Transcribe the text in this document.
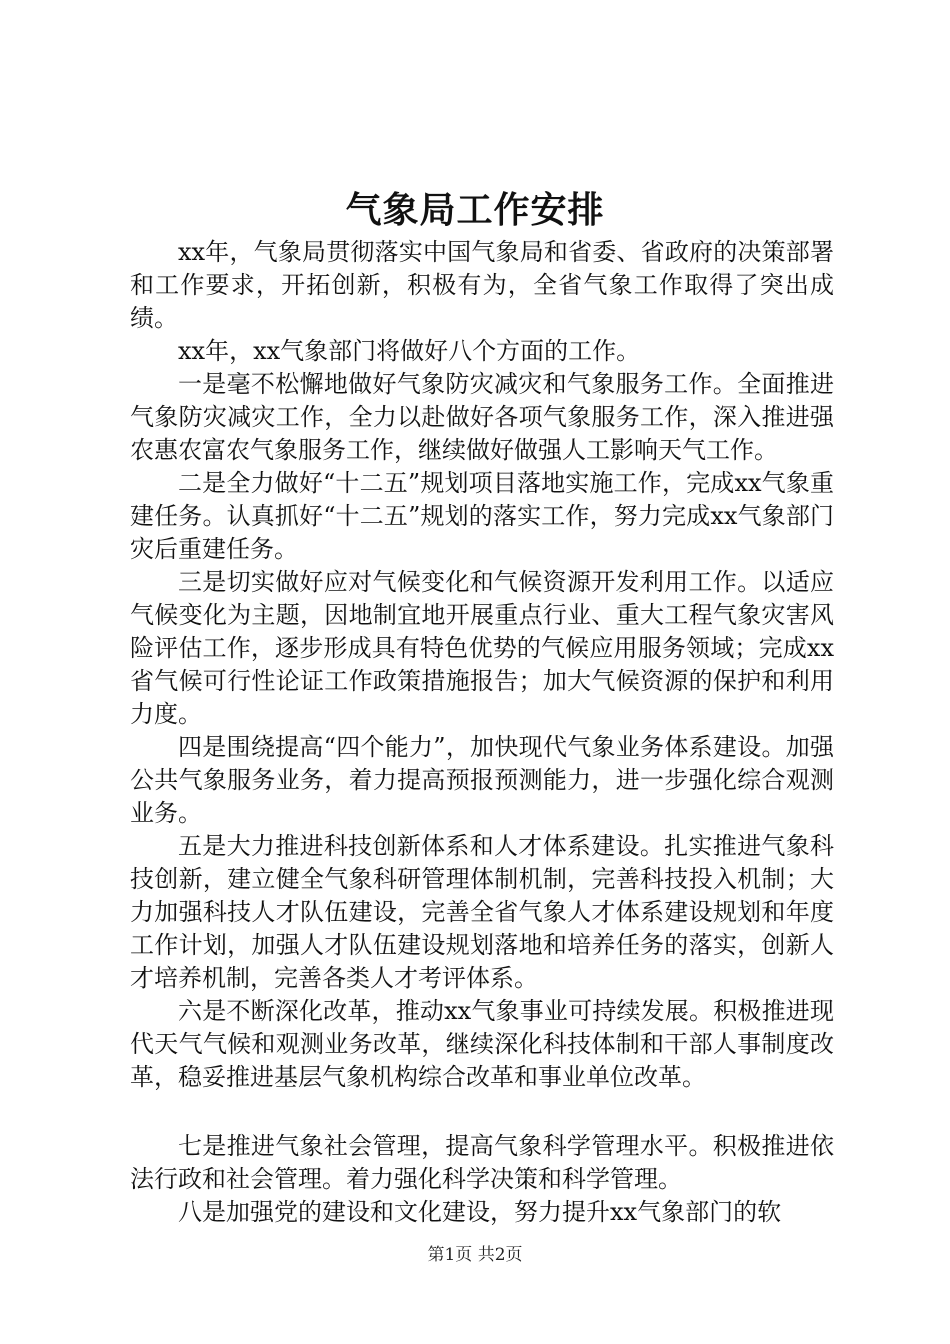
气象局工作安排

xx年，气象局贯彻落实中国气象局和省委、省政府的决策部署和工作要求，开拓创新，积极有为，全省气象工作取得了突出成绩。

xx年，xx气象部门将做好八个方面的工作。

一是毫不松懈地做好气象防灾减灾和气象服务工作。全面推进气象防灾减灾工作，全力以赴做好各项气象服务工作，深入推进强农惠农富农气象服务工作，继续做好做强人工影响天气工作。

二是全力做好“十二五”规划项目落地实施工作，完成xx气象重建任务。认真抓好“十二五”规划的落实工作，努力完成xx气象部门灾后重建任务。

三是切实做好应对气候变化和气候资源开发利用工作。以适应气候变化为主题，因地制宜地开展重点行业、重大工程气象灾害风险评估工作，逐步形成具有特色优势的气候应用服务领域；完成xx省气候可行性论证工作政策措施报告；加大气候资源的保护和利用力度。

四是围绕提高“四个能力”，加快现代气象业务体系建设。加强公共气象服务业务，着力提高预报预测能力，进一步强化综合观测业务。

五是大力推进科技创新体系和人才体系建设。扎实推进气象科技创新，建立健全气象科研管理体制机制，完善科技投入机制；大力加强科技人才队伍建设，完善全省气象人才体系建设规划和年度工作计划，加强人才队伍建设规划落地和培养任务的落实，创新人才培养机制，完善各类人才考评体系。

六是不断深化改革，推动xx气象事业可持续发展。积极推进现代天气气候和观测业务改革，继续深化科技体制和干部人事制度改革，稳妥推进基层气象机构综合改革和事业单位改革。

七是推进气象社会管理，提高气象科学管理水平。积极推进依法行政和社会管理。着力强化科学决策和科学管理。

八是加强党的建设和文化建设，努力提升xx气象部门的软

第1页 共2页
